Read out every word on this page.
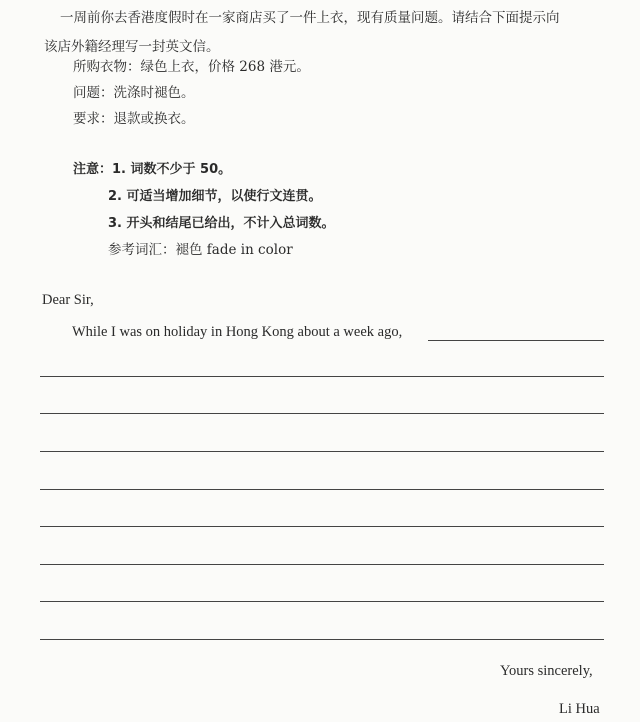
一周前你去香港度假时在一家商店买了一件上衣，现有质量问题。请结合下面提示向
该店外籍经理写一封英文信。
所购衣物：绿色上衣，价格 268 港元。
问题：洗涤时褪色。
要求：退款或换衣。
注意：1. 词数不少于 50。
2. 可适当增加细节，以使行文连贯。
3. 开头和结尾已给出，不计入总词数。
参考词汇：褪色 fade in color
Dear Sir,
While I was on holiday in Hong Kong about a week ago,
Yours sincerely,
Li Hua
